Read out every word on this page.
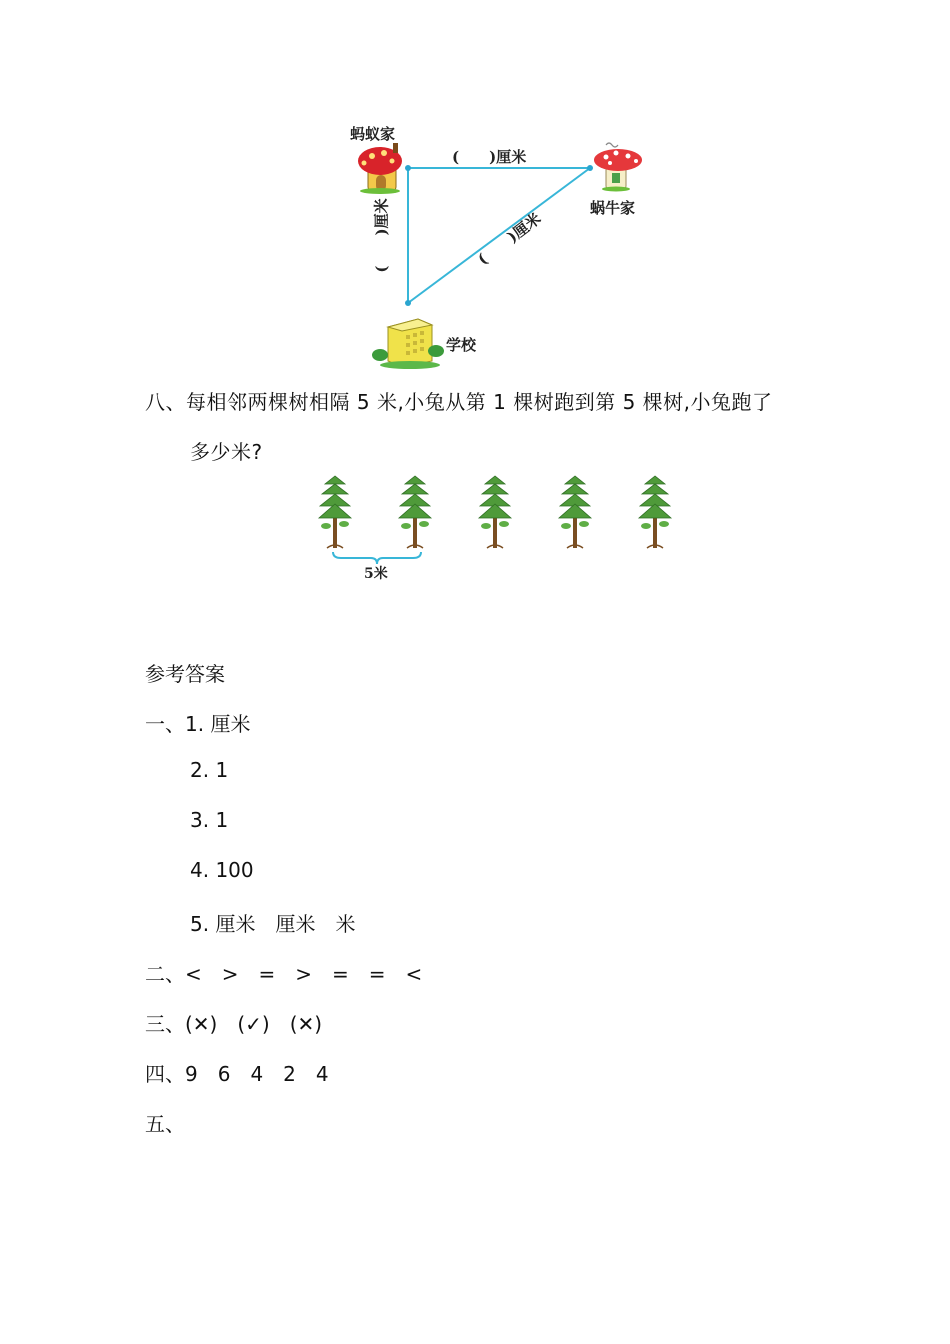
蚂蚁家
蜗牛家
学校
(　　)厘米
(　　)厘米	(　　)厘米
八、每相邻两棵树相隔 5 米,小兔从第 1 棵树跑到第 5 棵树,小兔跑了
多少米?
5米
参考答案
一、1. 厘米
2. 1
3. 1
4. 100
5. 厘米　厘米　米
二、<　>　=　>　=　=　<
三、(✕) (✓) (✕)
四、9　6　4　2　4
五、
